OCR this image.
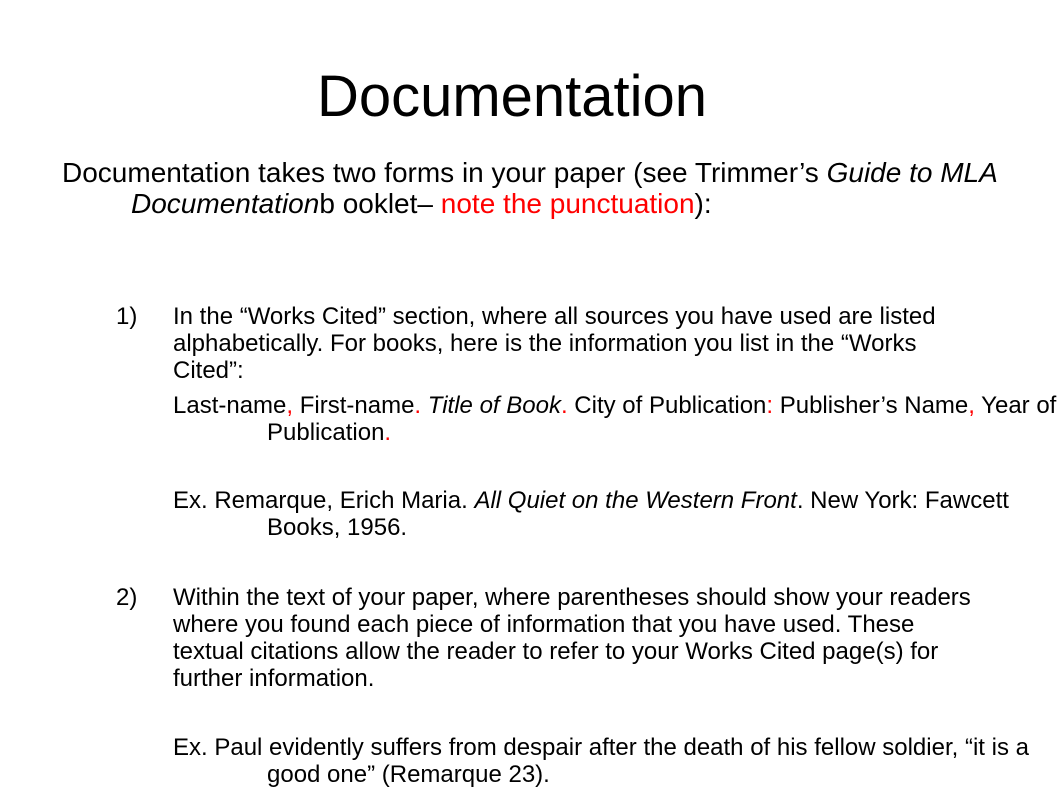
Documentation
Documentation takes two forms in your paper (see Trimmer’s Guide to MLA Documentationb ooklet– note the punctuation):
1) In the “Works Cited” section, where all sources you have used are listed alphabetically. For books, here is the information you list in the “Works Cited”:
Last-name, First-name. Title of Book. City of Publication: Publisher’s Name, Year of Publication.
Ex. Remarque, Erich Maria. All Quiet on the Western Front. New York: Fawcett Books, 1956.
2) Within the text of your paper, where parentheses should show your readers where you found each piece of information that you have used. These textual citations allow the reader to refer to your Works Cited page(s) for further information.
Ex. Paul evidently suffers from despair after the death of his fellow soldier, “it is a good one” (Remarque 23).
